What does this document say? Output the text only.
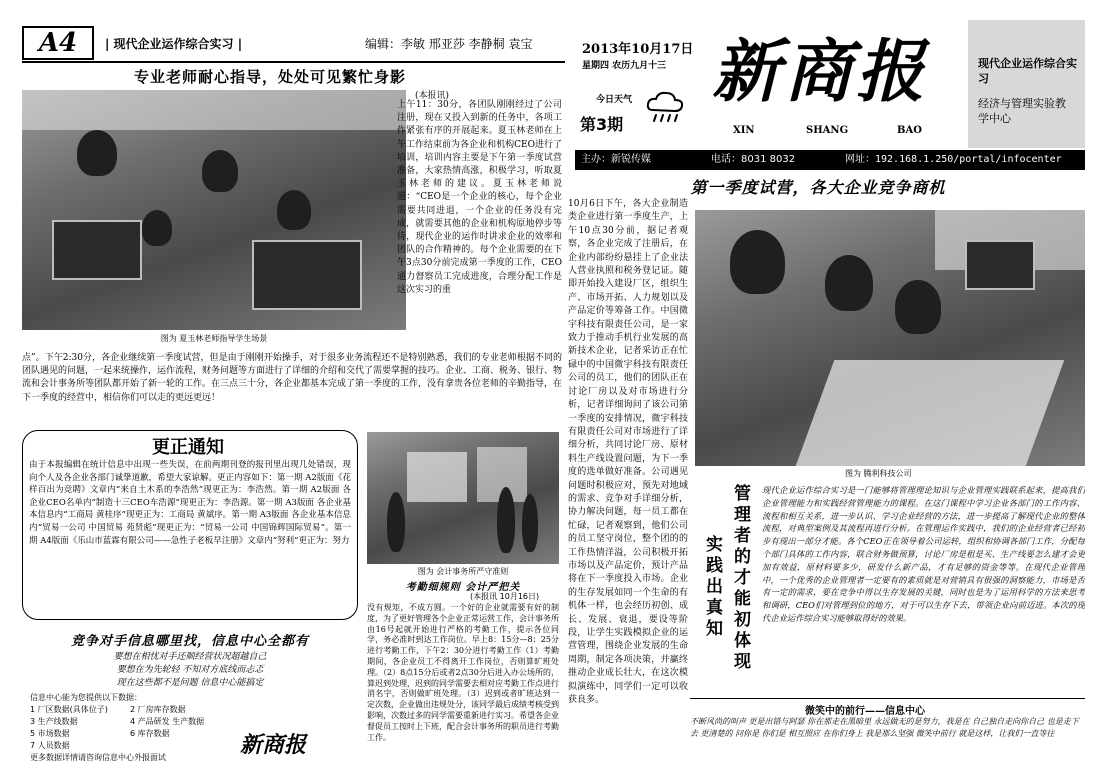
A4	| 现代企业运作综合实习 |	编辑：李敏 邢亚莎 李静桐 袁宝
专业老师耐心指导，处处可见繁忙身影
图为 夏玉林老师指导学生场景
(本报讯)
上午11：30分，各团队刚刚经过了公司注册，现在又投入到新的任务中，各项工作紧张有序的开展起来。夏玉林老师在上午工作结束前为各企业和机构CEO进行了培训，培训内容主要是下午第一季度试营准备，大家热情高涨，积极学习，听取夏玉林老师的建议。夏玉林老师说道：“CEO是一个企业的核心，每个企业需要共同进退，一个企业的任务没有完成，就需要其他的企业和机构原地停步等待，现代企业的运作时讲求企业的效率和团队的合作精神的。每个企业需要的在下午3点30分前完成第一季度的工作，CEO通力督察员工完成进度，合理分配工作是这次实习的重
点”。下午2:30分，各企业继续第一季度试营，但是由于刚刚开始操手，对于很多业务流程还不是特别熟悉，我们的专业老师根据不同的团队遇见的问题，一起来统操作，运作流程，财务问题等方面进行了详细的介绍和交代了需要掌握的技巧。企业、工商、税务、银行、物流和会计事务所等团队都开始了新一轮的工作。在三点三十分，各企业都基本完成了第一季度的工作，没有拿贵各位老师的辛勤指导，在下一季度的经营中，相信你们可以走的更远更远！
更正通知
由于本报编辑在统计信息中出现一些失误，在前两期刊登的报刊里出现几处错误，现向个人及各企业各部门诚挚道歉，希望大家谅解。更正内容如下：第一期 A2版面《花样百出为竞聘》文章内“来自土木系的李浩然”现更正为：李浩然。第一期 A2版面 各企业CEO名单内“制造十三CEO车浩源”现更正为：李浩源。第一期 A3版面 各企业基本信息内“工商局 黄桂序”现更正为：工商局 黄斌序。第一期 A3版面 各企业基本信息内“贸易一公司 中国贸易 苑贤彪”现更正为：“贸易一公司 中国锦辉国际贸易”。第一期 A4版面《乐山市蓝霖有限公司——急性子老板早注册》文章内“努利”更正为：努力
竞争对手信息哪里找，信息中心全都有
要想在相忧对手还顺经营状况超越自己
要想在为先轮轻 不知对方底线而忐忑
现在这些都不是问题 信息中心能搞定
信息中心能为您提供以下数据：
1 厂区数据(具体位子)	2 厂房库存数据
3 生产线数据	4 产品研发 生产数据
5 市场数据	6 库存数据
7 人员数据
更多数据详情请咨询信息中心外报面试	新商报
图为 会计事务所严守准则
考勤细规则 会计严把关
(本报讯 10月16日)
没有规矩，不成方圆。一个好的企业就需要有好的制度，为了更好管理各个企业正常运营工作，会计事务所由16号起就开始进行严格的考勤工作，提示各位同学，务必准时到达工作岗位。早上8：15分—8：25分进行考勤工作，下午2：30分进行考勤工作（1）考勤期间，各企业员工不得离开工作岗位，否则算旷班处理。（2）8点15分后或者2点30分后进入办公场所的，算迟到处理，迟到的同学需要去相对应考勤工作点进行消名字，否则做旷班处理。（3）迟到或者旷班达到一定次数，企业做出违规处分，该同学最后成绩考核受到影响，次数过多的同学需要重新进行实习。希望各企业督促员工按时上下班，配合会计事务所的职员进行考勤工作。
2013年10月17日
星期四 农历九月十三
今日天气
第3期
新商报
XIN	SHANG	BAO
现代企业运作综合实习
经济与管理实验教学中心
主办：新锐传媒	电话：8031 8032	网址：192.168.1.250/portal/infocenter
第一季度试营，各大企业竞争商机
10月6日下午，各大企业制造类企业进行第一季度生产，上午10点30分前，据记者观察，各企业完成了注册后，在企业内部纷纷悬挂上了企业法人营业执照和税务登记证。随即开始投入建设厂区，组织生产、市场开拓、人力规划以及产品定价等筹备工作。中国微宇科技有限责任公司，是一家致力于推动手机行业发展的高新技术企业，记者采访正在忙碌中的中国微宇科技有限责任公司的员工，他们的团队正在讨论厂房以及对市场进行分析，记者详细询问了该公司第一季度的安排情况，微宇科技有限责任公司对市场进行了详细分析，共同讨论厂房、原材料生产线设置问题，为下一季度的选单做好准备。公司遇见问题时积极应对，预先对地域的需求、竞争对手详细分析，协力解决问题，每一员工都在忙碌，记者观察到，他们公司的员工坚守岗位，整个团的的工作热情洋溢，公司积极开拓市场以及产品定价，预计产品将在下一季度投入市场。企业的生存发展如同一个生命的有机体一样，也会经历初创、成长、发展、衰退，要设等阶段，让学生实践模拟企业的运营管理，围绕企业发展的生命周期，制定各项决策，并赢终推动企业成长壮大，在这次模拟演练中，同学们一定可以收获良多。
图为 腾利科技公司
实践出真知 管理者的才能初体现	现代企业运作综合实习是一门能够将管理理论知识与企业管理实践联系起来，提高我们企业管理能力和实践经营管理能力的课程。在这门课程中学习企业各部门的工作内容、流程和相互关系，进一步认识、学习企业经营的方法，进一步提高了解现代企业的整体流程，对典型案例及其流程再进行分析。在管理运作实践中，我们的企业经营者已经初步有现出一部分才能。各个CEO正在领导着公司运转，组织和协调各部门工作，分配每个部门具体的工作内容，联合财务做预算，讨论厂房是租是买、生产线要怎么建才会更加有效益，原材料要多少，研发什么新产品，才有足够的资金等等。在现代企业管理中，一个优秀的企业管理者一定要有的素质就是对营销具有很强的洞察能力，市场是否有一定的需求，要在竞争中得以生存发展的关键，同时也是为了运用科学的方法来思考和调研，CEO们对管理到位的地方，对于可以生存下去，带领企业向前迈进。本次的现代企业运作综合实习能够取得好的效果。
微笑中的前行——信息中心
不断风尚的叫声 更是出错与阿瑟 你在那走在黑暗里 永远做无的是努力，我是在 自己独自走向你自己 也是走下去 更清楚的 问你是 你们是 相互照应 在你们身上 我是那么坚强 微笑中前行 就是这样，让我们一直等往
